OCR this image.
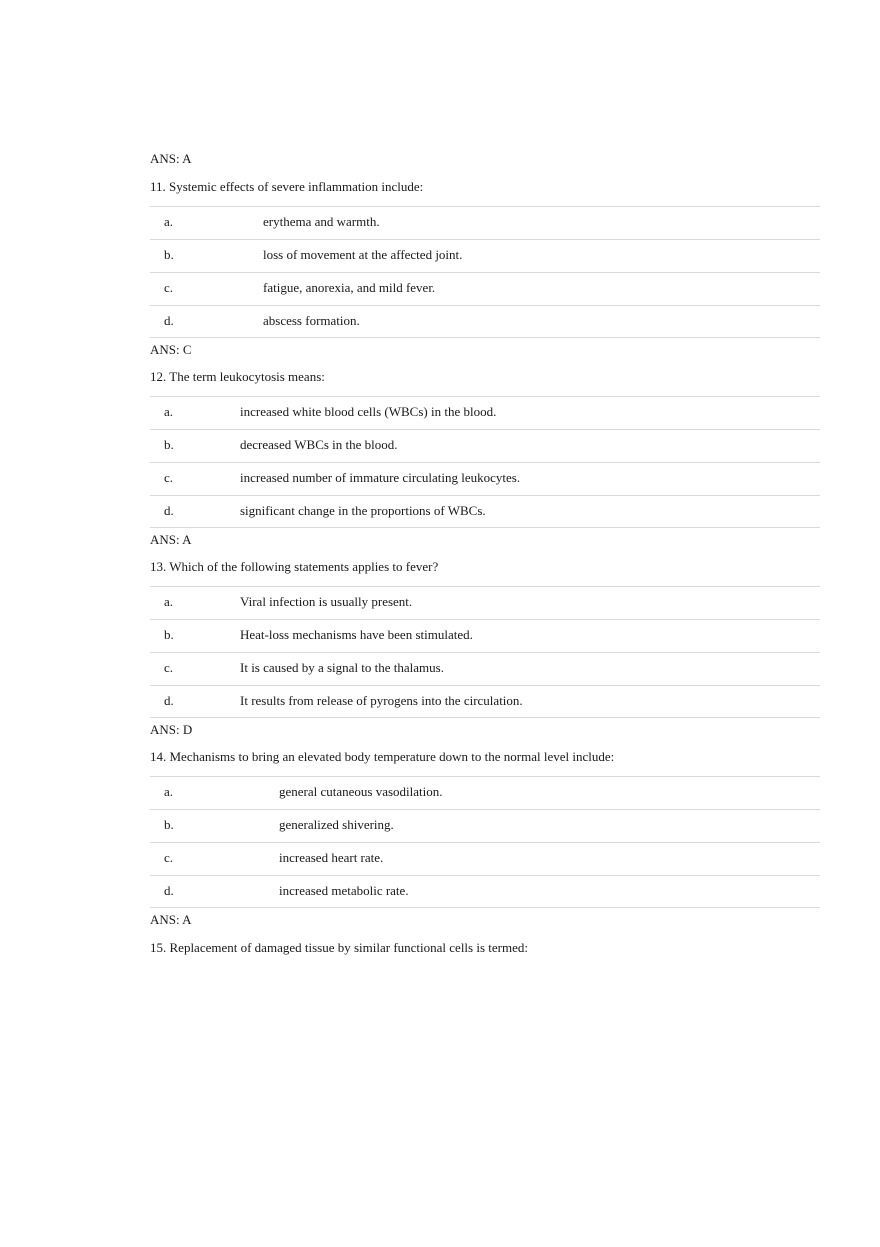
ANS: A
11. Systemic effects of severe inflammation include:
a.	erythema and warmth.
b.	loss of movement at the affected joint.
c.	fatigue, anorexia, and mild fever.
d.	abscess formation.
ANS: C
12. The term leukocytosis means:
a.	increased white blood cells (WBCs) in the blood.
b.	decreased WBCs in the blood.
c.	increased number of immature circulating leukocytes.
d.	significant change in the proportions of WBCs.
ANS: A
13. Which of the following statements applies to fever?
a.	Viral infection is usually present.
b.	Heat-loss mechanisms have been stimulated.
c.	It is caused by a signal to the thalamus.
d.	It results from release of pyrogens into the circulation.
ANS: D
14. Mechanisms to bring an elevated body temperature down to the normal level include:
a.	general cutaneous vasodilation.
b.	generalized shivering.
c.	increased heart rate.
d.	increased metabolic rate.
ANS: A
15. Replacement of damaged tissue by similar functional cells is termed:
